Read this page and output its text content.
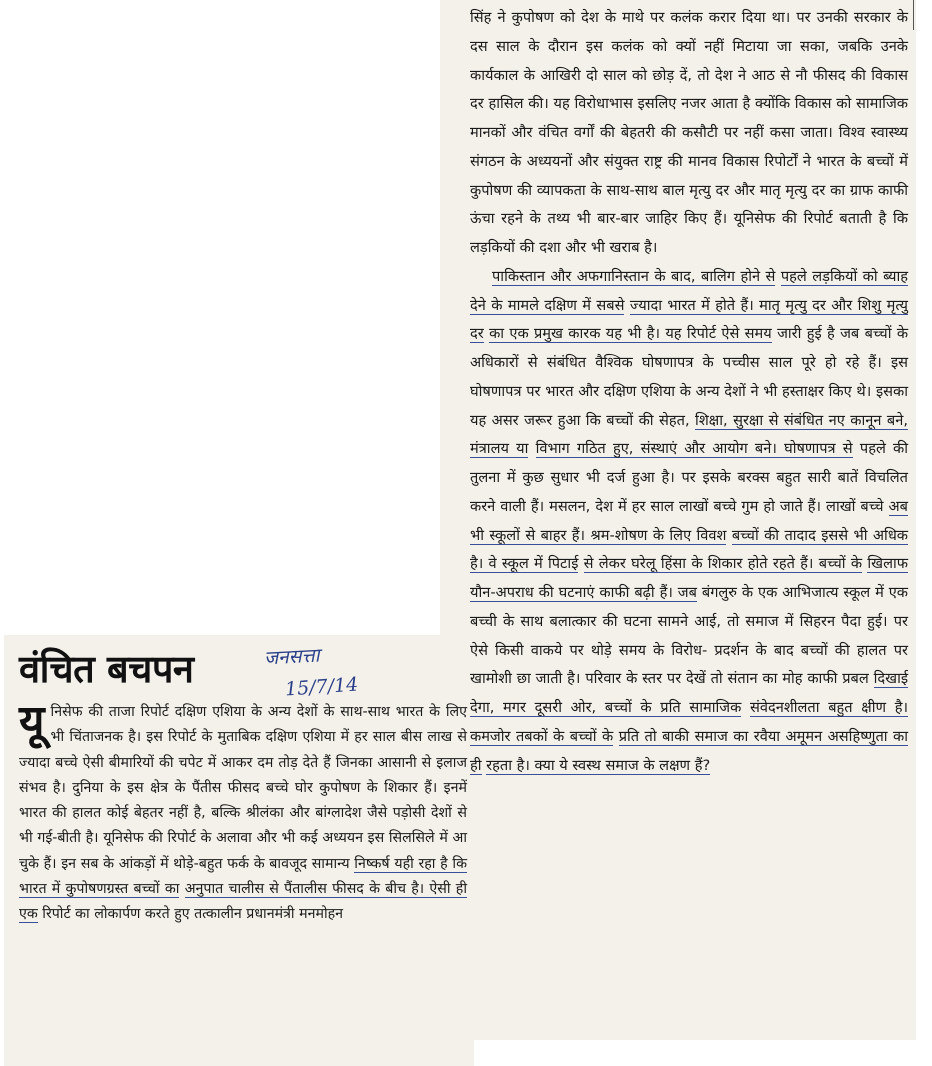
सिंह ने कुपोषण को देश के माथे पर कलंक करार दिया था। पर उनकी सरकार के दस साल के दौरान इस कलंक को क्यों नहीं मिटाया जा सका, जबकि उनके कार्यकाल के आखिरी दो साल को छोड़ दें, तो देश ने आठ से नौ फीसद की विकास दर हासिल की। यह विरोधाभास इसलिए नजर आता है क्योंकि विकास को सामाजिक मानकों और वंचित वर्गों की बेहतरी की कसौटी पर नहीं कसा जाता। विश्व स्वास्थ्य संगठन के अध्ययनों और संयुक्त राष्ट्र की मानव विकास रिपोर्टों ने भारत के बच्चों में कुपोषण की व्यापकता के साथ-साथ बाल मृत्यु दर और मातृ मृत्यु दर का ग्राफ काफी ऊंचा रहने के तथ्य भी बार-बार जाहिर किए हैं। यूनिसेफ की रिपोर्ट बताती है कि लड़कियों की दशा और भी खराब है।

पाकिस्तान और अफगानिस्तान के बाद, बालिग होने से पहले लड़कियों को ब्याह देने के मामले दक्षिण में सबसे ज्यादा भारत में होते हैं। मातृ मृत्यु दर और शिशु मृत्यु दर का एक प्रमुख कारक यह भी है। यह रिपोर्ट ऐसे समय जारी हुई है जब बच्चों के अधिकारों से संबंधित वैश्विक घोषणापत्र के पच्चीस साल पूरे हो रहे हैं। इस घोषणापत्र पर भारत और दक्षिण एशिया के अन्य देशों ने भी हस्ताक्षर किए थे। इसका यह असर जरूर हुआ कि बच्चों की सेहत, शिक्षा, सुरक्षा से संबंधित नए कानून बने, मंत्रालय या विभाग गठित हुए, संस्थाएं और आयोग बने। घोषणापत्र से पहले की तुलना में कुछ सुधार भी दर्ज हुआ है। पर इसके बरक्स बहुत सारी बातें विचलित करने वाली हैं। मसलन, देश में हर साल लाखों बच्चे गुम हो जाते हैं। लाखों बच्चे अब भी स्कूलों से बाहर हैं। श्रम-शोषण के लिए विवश बच्चों की तादाद इससे भी अधिक है। वे स्कूल में पिटाई से लेकर घरेलू हिंसा के शिकार होते रहते हैं। बच्चों के खिलाफ यौन-अपराध की घटनाएं काफी बढ़ी हैं। जब बंगलुरु के एक आभिजात्य स्कूल में एक बच्ची के साथ बलात्कार की घटना सामने आई, तो समाज में सिहरन पैदा हुई। पर ऐसे किसी वाकये पर थोड़े समय के विरोध- प्रदर्शन के बाद बच्चों की हालत पर खामोशी छा जाती है। परिवार के स्तर पर देखें तो संतान का मोह काफी प्रबल दिखाई देगा, मगर दूसरी ओर, बच्चों के प्रति सामाजिक संवेदनशीलता बहुत क्षीण है। कमजोर तबकों के बच्चों के प्रति तो बाकी समाज का रवैया अमूमन असहिष्णुता का ही रहता है। क्या ये स्वस्थ समाज के लक्षण हैं?

वंचित बचपन	जनसत्ता
15/7/14
यू निसेफ की ताजा रिपोर्ट दक्षिण एशिया के अन्य देशों के साथ-साथ भारत के लिए भी चिंताजनक है। इस रिपोर्ट के मुताबिक दक्षिण एशिया में हर साल बीस लाख से ज्यादा बच्चे ऐसी बीमारियों की चपेट में आकर दम तोड़ देते हैं जिनका आसानी से इलाज संभव है। दुनिया के इस क्षेत्र के पैंतीस फीसद बच्चे घोर कुपोषण के शिकार हैं। इनमें भारत की हालत कोई बेहतर नहीं है, बल्कि श्रीलंका और बांग्लादेश जैसे पड़ोसी देशों से भी गई-बीती है। यूनिसेफ की रिपोर्ट के अलावा और भी कई अध्ययन इस सिलसिले में आ चुके हैं। इन सब के आंकड़ों में थोड़े-बहुत फर्क के बावजूद सामान्य निष्कर्ष यही रहा है कि भारत में कुपोषणग्रस्त बच्चों का अनुपात चालीस से पैंतालीस फीसद के बीच है। ऐसी ही एक रिपोर्ट का लोकार्पण करते हुए तत्कालीन प्रधानमंत्री मनमोहन
